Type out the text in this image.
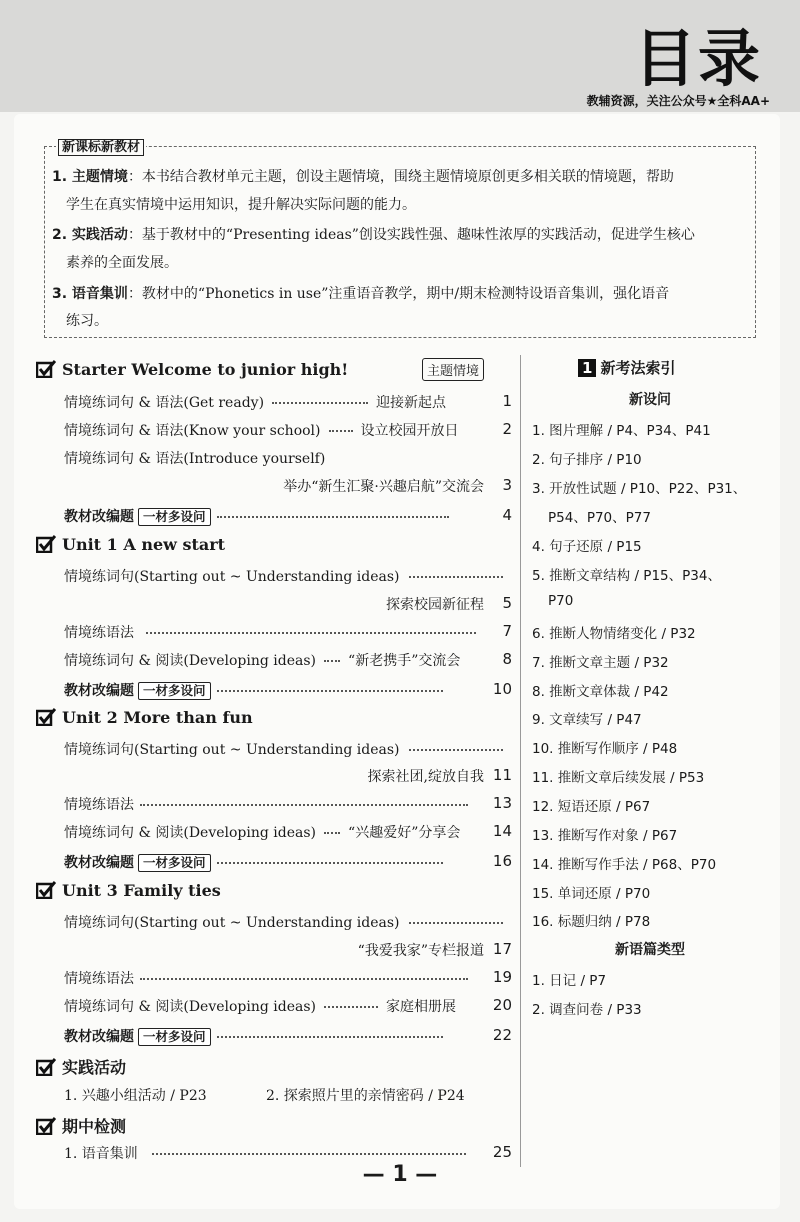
目录
教辅资源，关注公众号★全科AA+
新课标新教材
1. 主题情境：本书结合教材单元主题，创设主题情境，围绕主题情境原创更多相关联的情境题，帮助
学生在真实情境中运用知识，提升解决实际问题的能力。
2. 实践活动：基于教材中的“Presenting ideas”创设实践性强、趣味性浓厚的实践活动，促进学生核心
素养的全面发展。
3. 语音集训：教材中的“Phonetics in use”注重语音教学，期中/期末检测特设语音集训，强化语音
练习。
Starter Welcome to junior high!	主题情境
情境练词句 & 语法(Get ready)	迎接新起点	1
情境练词句 & 语法(Know your school)	设立校园开放日	2
情境练词句 & 语法(Introduce yourself)
举办“新生汇聚·兴趣启航”交流会	3
教材改编题 一材多设问	4
Unit 1 A new start
情境练词句(Starting out ~ Understanding ideas)
探索校园新征程	5
情境练语法	7
情境练词句 & 阅读(Developing ideas) “新老携手”交流会	8
教材改编题 一材多设问	10
Unit 2 More than fun
情境练词句(Starting out ~ Understanding ideas)
探索社团,绽放自我 11
情境练语法	13
情境练词句 & 阅读(Developing ideas) “兴趣爱好”分享会	14
教材改编题 一材多设问	16
Unit 3 Family ties
情境练词句(Starting out ~ Understanding ideas)
“我爱我家”专栏报道 17
情境练语法	19
情境练词句 & 阅读(Developing ideas)	家庭相册展	20
教材改编题 一材多设问	22
实践活动
1. 兴趣小组活动 / P23	2. 探索照片里的亲情密码 / P24
期中检测
1. 语音集训	25
1 新考法索引
新设问
1. 图片理解 / P4、P34、P41
2. 句子排序 / P10
3. 开放性试题 / P10、P22、P31、
P54、P70、P77
4. 句子还原 / P15
5. 推断文章结构 / P15、P34、
P70
6. 推断人物情绪变化 / P32
7. 推断文章主题 / P32
8. 推断文章体裁 / P42
9. 文章续写 / P47
10. 推断写作顺序 / P48
11. 推断文章后续发展 / P53
12. 短语还原 / P67
13. 推断写作对象 / P67
14. 推断写作手法 / P68、P70
15. 单词还原 / P70
16. 标题归纳 / P78
新语篇类型
1. 日记 / P7
2. 调查问卷 / P33
— 1 —
